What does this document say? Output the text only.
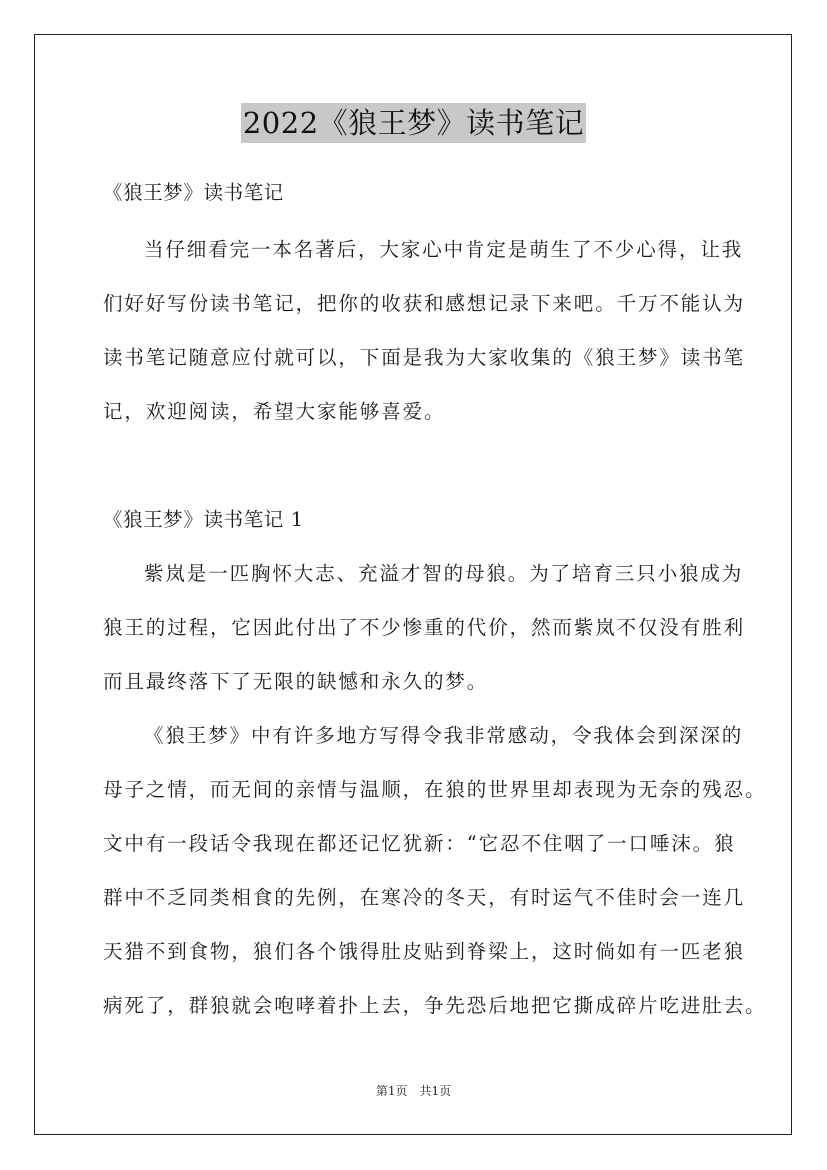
2022《狼王梦》读书笔记
《狼王梦》读书笔记
当仔细看完一本名著后，大家心中肯定是萌生了不少心得，让我
们好好写份读书笔记，把你的收获和感想记录下来吧。千万不能认为
读书笔记随意应付就可以，下面是我为大家收集的《狼王梦》读书笔
记，欢迎阅读，希望大家能够喜爱。
《狼王梦》读书笔记 1
紫岚是一匹胸怀大志、充溢才智的母狼。为了培育三只小狼成为
狼王的过程，它因此付出了不少惨重的代价，然而紫岚不仅没有胜利
而且最终落下了无限的缺憾和永久的梦。
《狼王梦》中有许多地方写得令我非常感动，令我体会到深深的
母子之情，而无间的亲情与温顺，在狼的世界里却表现为无奈的残忍。
文中有一段话令我现在都还记忆犹新：“它忍不住咽了一口唾沫。狼
群中不乏同类相食的先例，在寒冷的冬天，有时运气不佳时会一连几
天猎不到食物，狼们各个饿得肚皮贴到脊梁上，这时倘如有一匹老狼
病死了，群狼就会咆哮着扑上去，争先恐后地把它撕成碎片吃进肚去。
第1页　共1页
